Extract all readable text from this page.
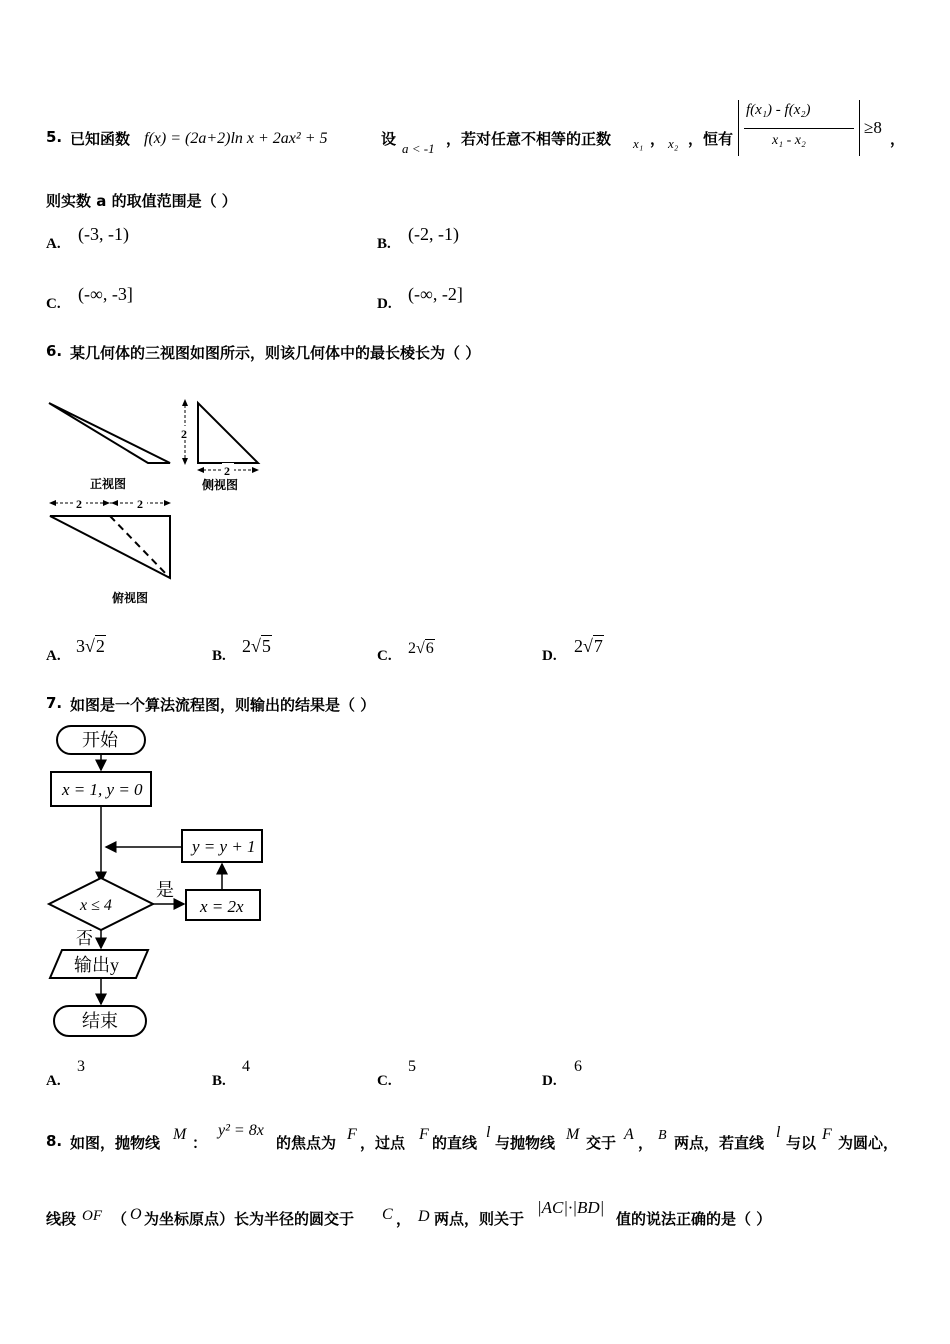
5. 已知函数 f(x) = (2a+2)ln x + 2ax² + 5	设
a < -1
，若对任意不相等的正数 x₁ ， x₂ ，恒有
f(x₁) - f(x₂)
x₁ - x₂
≥8
，
则实数 a 的取值范围是（ ）
A. (-3, -1)	B. (-2, -1)
C. (-∞, -3]	D. (-∞, -2]
6. 某几何体的三视图如图所示，则该几何体中的最长棱长为（ ）
正视图
2
2
侧视图
2	2
俯视图
A. 3√2	B. 2√5	C. 2√6	D. 2√7
7. 如图是一个算法流程图，则输出的结果是（ ）
开始
x = 1, y = 0
y = y + 1
x ≤ 4
是
x = 2x
否
输出y
结束
A.
3
B.
4
C.
5
D.
6
8. 如图，抛物线 M ：
y² = 8x
的焦点为 F ，过点 F 的直线
l
与抛物线 M 交于 A ， B 两点，若直线
l
与以 F 为圆心，
线段 OF （ O 为坐标原点）长为半径的圆交于 C ， D 两点，则关于
|AC|·|BD|
值的说法正确的是（ ）
